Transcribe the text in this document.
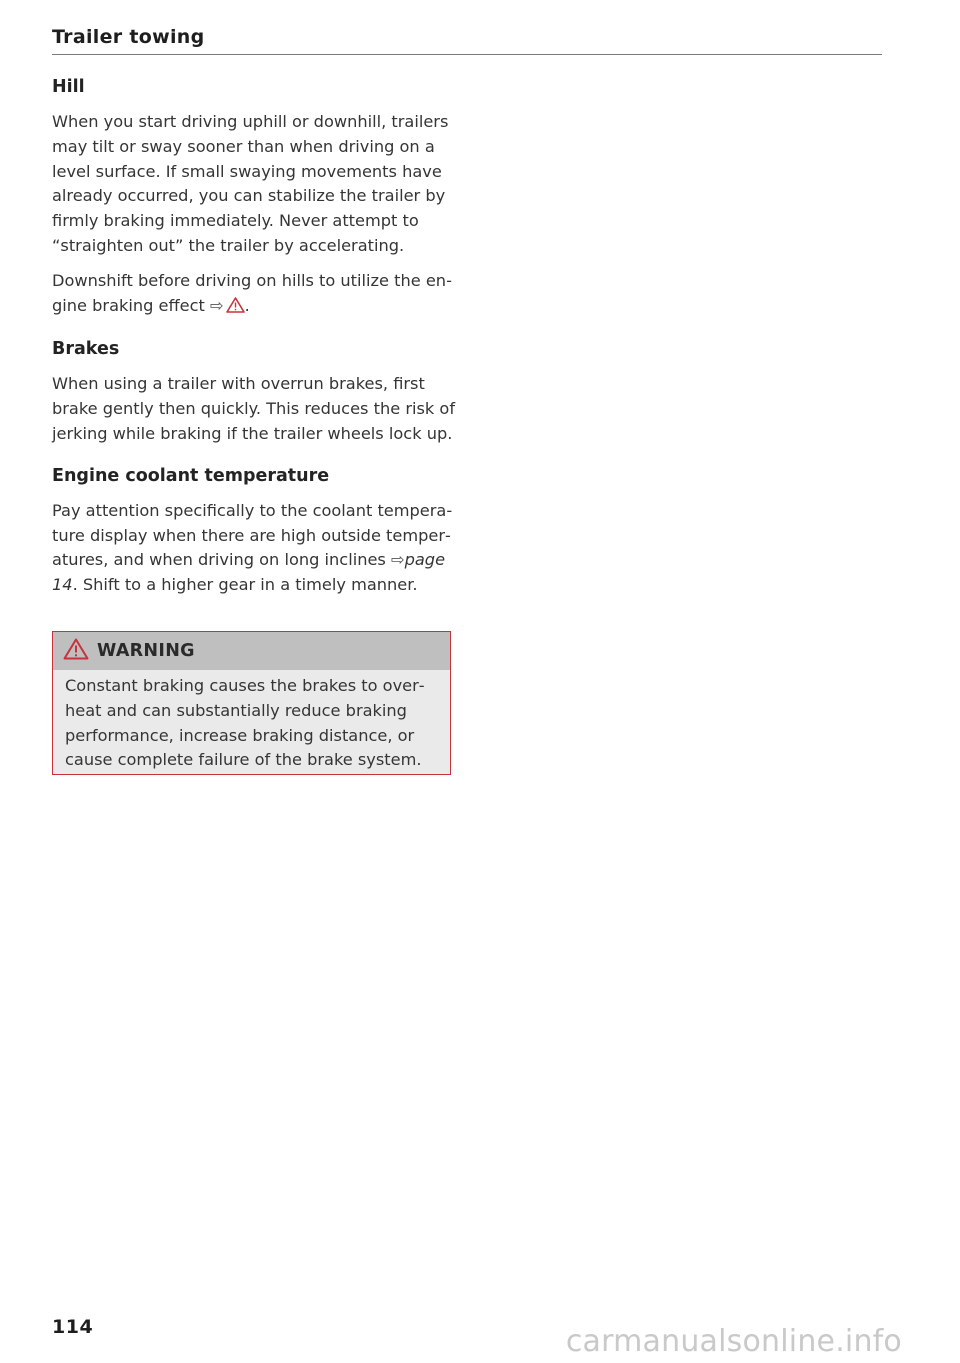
Trailer towing
Hill

When you start driving uphill or downhill, trailers may tilt or sway sooner than when driving on a level surface. If small swaying movements have already occurred, you can stabilize the trailer by firmly braking immediately. Never attempt to “straighten out” the trailer by accelerating.

Downshift before driving on hills to utilize the engine braking effect ⇨ .

Brakes

When using a trailer with overrun brakes, first brake gently then quickly. This reduces the risk of jerking while braking if the trailer wheels lock up.

Engine coolant temperature

Pay attention specifically to the coolant temperature display when there are high outside temperatures, and when driving on long inclines ⇨page 14. Shift to a higher gear in a timely manner.

WARNING
Constant braking causes the brakes to overheat and can substantially reduce braking performance, increase braking distance, or cause complete failure of the brake system.
114	carmanualsonline.info
